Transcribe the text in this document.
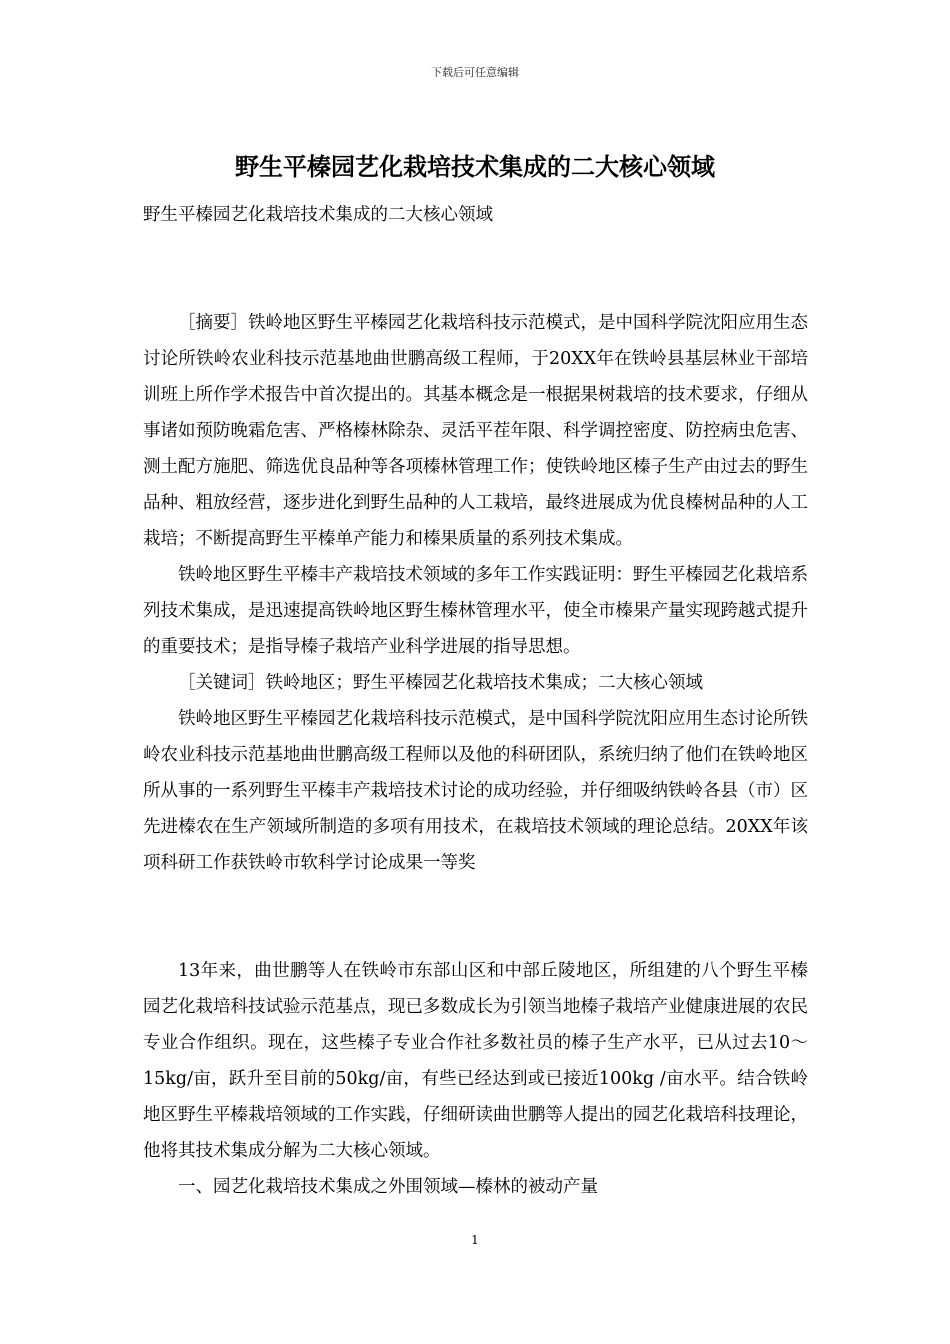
下载后可任意编辑
野生平榛园艺化栽培技术集成的二大核心领域

野生平榛园艺化栽培技术集成的二大核心领域

［摘要］铁岭地区野生平榛园艺化栽培科技示范模式，是中国科学院沈阳应用生态讨论所铁岭农业科技示范基地曲世鹏高级工程师，于20XX年在铁岭县基层林业干部培训班上所作学术报告中首次提出的。其基本概念是一根据果树栽培的技术要求，仔细从事诸如预防晚霜危害、严格榛林除杂、灵活平茬年限、科学调控密度、防控病虫危害、测土配方施肥、筛选优良品种等各项榛林管理工作；使铁岭地区榛子生产由过去的野生品种、粗放经营，逐步进化到野生品种的人工栽培，最终进展成为优良榛树品种的人工栽培；不断提高野生平榛单产能力和榛果质量的系列技术集成。

铁岭地区野生平榛丰产栽培技术领域的多年工作实践证明：野生平榛园艺化栽培系列技术集成，是迅速提高铁岭地区野生榛林管理水平，使全市榛果产量实现跨越式提升的重要技术；是指导榛子栽培产业科学进展的指导思想。

［关键词］铁岭地区；野生平榛园艺化栽培技术集成；二大核心领域

铁岭地区野生平榛园艺化栽培科技示范模式，是中国科学院沈阳应用生态讨论所铁岭农业科技示范基地曲世鹏高级工程师以及他的科研团队，系统归纳了他们在铁岭地区所从事的一系列野生平榛丰产栽培技术讨论的成功经验，并仔细吸纳铁岭各县（市）区先进榛农在生产领域所制造的多项有用技术，在栽培技术领域的理论总结。20XX年该项科研工作获铁岭市软科学讨论成果一等奖

13年来，曲世鹏等人在铁岭市东部山区和中部丘陵地区，所组建的八个野生平榛园艺化栽培科技试验示范基点，现已多数成长为引领当地榛子栽培产业健康进展的农民专业合作组织。现在，这些榛子专业合作社多数社员的榛子生产水平，已从过去10～15kg/亩，跃升至目前的50kg/亩，有些已经达到或已接近100kg /亩水平。结合铁岭地区野生平榛栽培领域的工作实践，仔细研读曲世鹏等人提出的园艺化栽培科技理论，他将其技术集成分解为二大核心领域。

一、园艺化栽培技术集成之外围领域—榛林的被动产量

1
